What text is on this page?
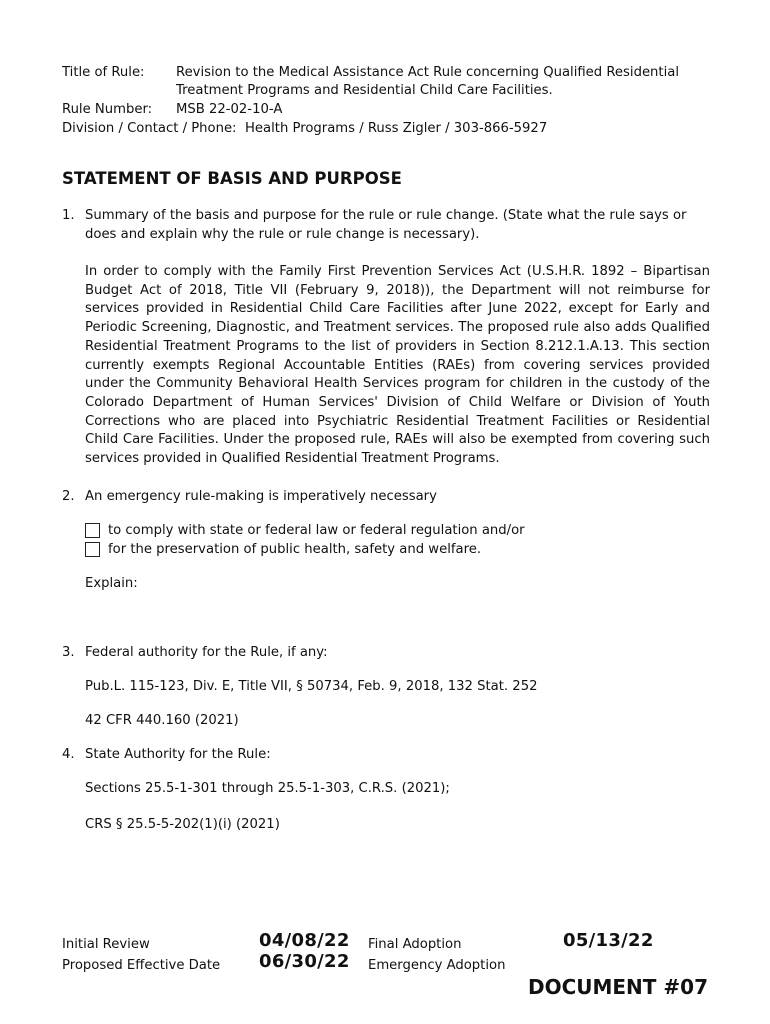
Title of Rule: Revision to the Medical Assistance Act Rule concerning Qualified Residential
Treatment Programs and Residential Child Care Facilities.
Rule Number: MSB 22-02-10-A
Division / Contact / Phone: Health Programs / Russ Zigler / 303-866-5927
STATEMENT OF BASIS AND PURPOSE
1. Summary of the basis and purpose for the rule or rule change. (State what the rule says or
does and explain why the rule or rule change is necessary).
In order to comply with the Family First Prevention Services Act (U.S.H.R. 1892 – Bipartisan Budget Act of 2018, Title VII (February 9, 2018)), the Department will not reimburse for services provided in Residential Child Care Facilities after June 2022, except for Early and Periodic Screening, Diagnostic, and Treatment services. The proposed rule also adds Qualified Residential Treatment Programs to the list of providers in Section 8.212.1.A.13. This section currently exempts Regional Accountable Entities (RAEs) from covering services provided under the Community Behavioral Health Services program for children in the custody of the Colorado Department of Human Services' Division of Child Welfare or Division of Youth Corrections who are placed into Psychiatric Residential Treatment Facilities or Residential Child Care Facilities. Under the proposed rule, RAEs will also be exempted from covering such services provided in Qualified Residential Treatment Programs.
2. An emergency rule-making is imperatively necessary
to comply with state or federal law or federal regulation and/or
for the preservation of public health, safety and welfare.
Explain:
3. Federal authority for the Rule, if any:
Pub.L. 115-123, Div. E, Title VII, § 50734, Feb. 9, 2018, 132 Stat. 252
42 CFR 440.160 (2021)
4. State Authority for the Rule:
Sections 25.5-1-301 through 25.5-1-303, C.R.S. (2021);
CRS § 25.5-5-202(1)(i) (2021)
Initial Review	04/08/22 Final Adoption	05/13/22
Proposed Effective Date 06/30/22 Emergency Adoption
DOCUMENT #07
